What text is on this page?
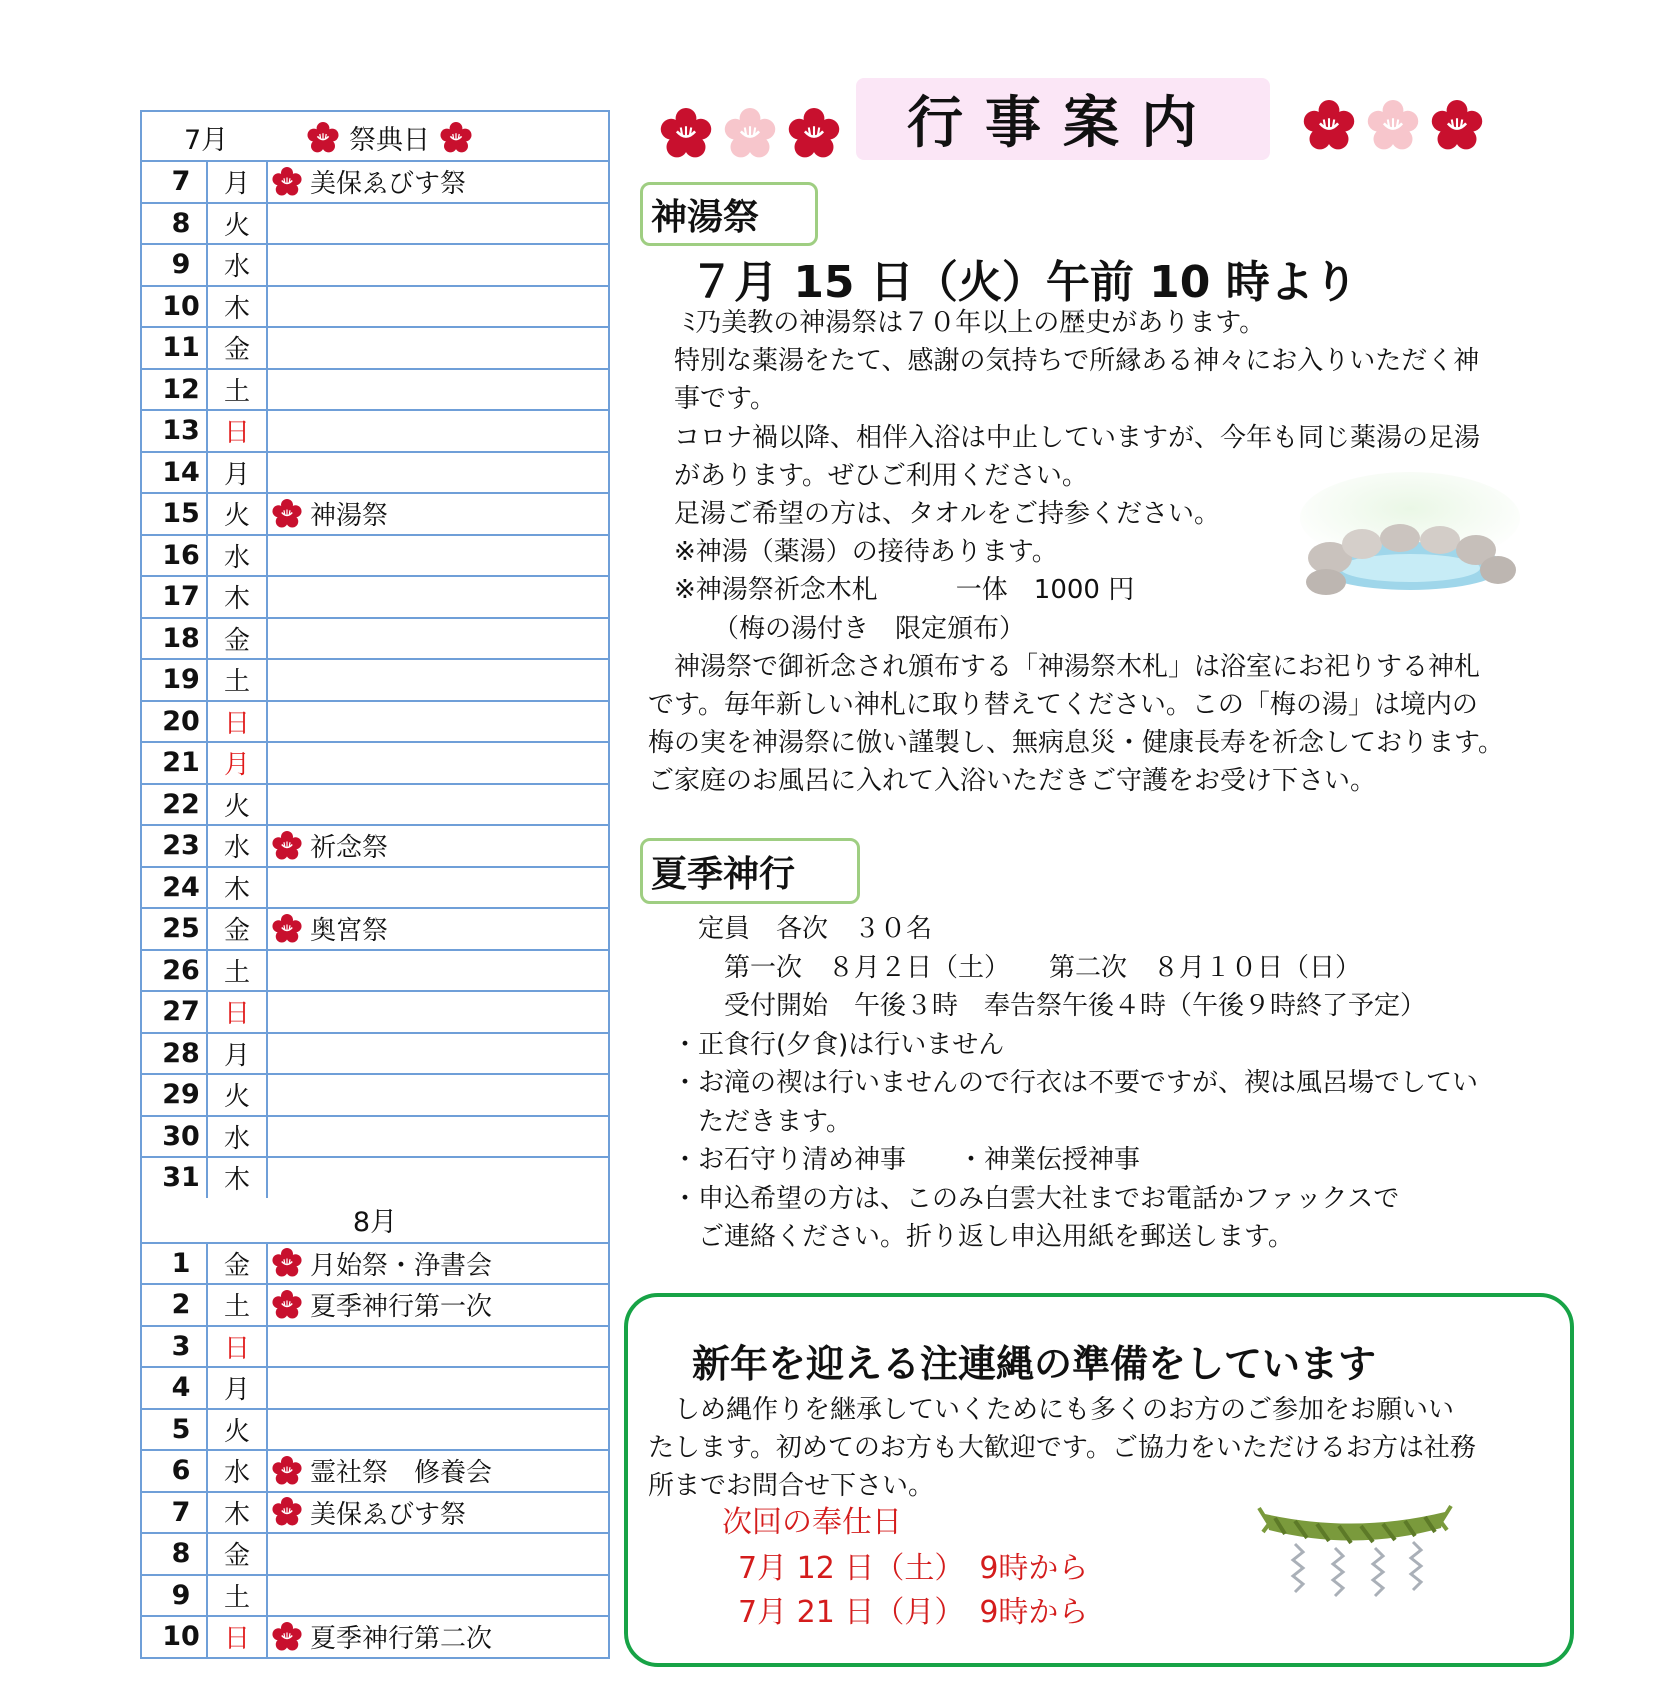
7月	祭典日
7	月	美保ゑびす祭
8	火
9	水
10 木
11 金
12 土
13 日
14 月
15 火	神湯祭
16 水
17 木
18 金
19 土
20 日
21 月
22 火
23 水	祈念祭
24 木
25 金	奥宮祭
26 土
27 日
28 月
29 火
30 水
31 木
8月
1	金	月始祭・浄書会
2	土	夏季神行第一次
3	日
4	月
5	火
6	水	霊社祭　修養会
7	木	美保ゑびす祭
8	金
9	土
10 日	夏季神行第二次
行事案内
神湯祭
７月 15 日（火）午前 10 時より
　 ﾐ乃美教の神湯祭は７０年以上の歴史があります。
　特別な薬湯をたて、感謝の気持ちで所縁ある神々にお入りいただく神
　事です。
　コロナ禍以降、相伴入浴は中止していますが、今年も同じ薬湯の足湯
　があります。ぜひご利用ください。
　足湯ご希望の方は、タオルをご持参ください。
　※神湯（薬湯）の接待あります。
　※神湯祭祈念木札　　　一体　1000 円
　　　（梅の湯付き　限定頒布）
　神湯祭で御祈念され頒布する「神湯祭木札」は浴室にお祀りする神札
です。毎年新しい神札に取り替えてください。この「梅の湯」は境内の
梅の実を神湯祭に倣い謹製し、無病息災・健康長寿を祈念しております。
ご家庭のお風呂に入れて入浴いただきご守護をお受け下さい。
夏季神行
　定員　各次　３０名
　　第一次　８月２日（土）　　第二次　８月１０日（日）
　　受付開始　午後３時　奉告祭午後４時（午後９時終了予定）
・正食行(夕食)は行いません
・お滝の禊は行いませんので行衣は不要ですが、禊は風呂場でしてい
　ただきます。
・お石守り清め神事　　・神業伝授神事
・申込希望の方は、このみ白雲大社までお電話かファックスで
　ご連絡ください。折り返し申込用紙を郵送します。
新年を迎える注連縄の準備をしています
　しめ縄作りを継承していくためにも多くのお方のご参加をお願いい
たします。初めてのお方も大歓迎です。ご協力をいただけるお方は社務
所までお問合せ下さい。
次回の奉仕日
7月 12 日（土）　9時から
7月 21 日（月）　9時から
